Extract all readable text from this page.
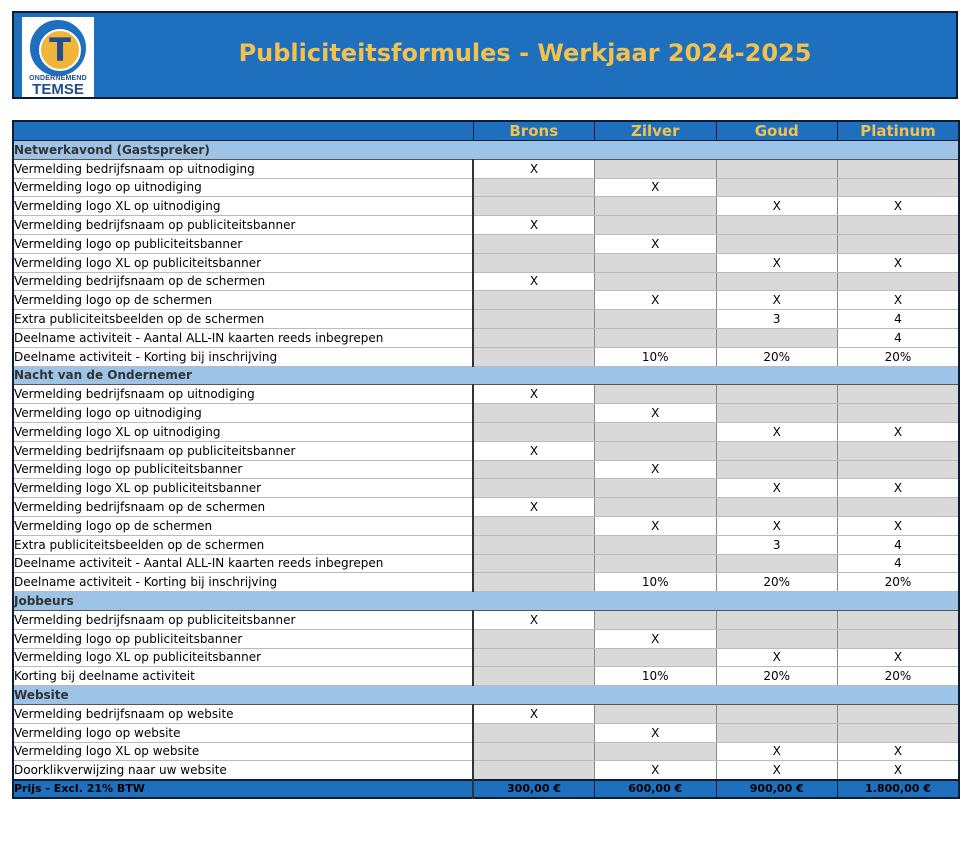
T
ONDERNEMEND
TEMSE
Publiciteitsformules - Werkjaar 2024-2025
	Brons	Zilver	Goud	Platinum
Netwerkavond (Gastspreker)				
Vermelding bedrijfsnaam op uitnodiging	X			
Vermelding logo op uitnodiging		X		
Vermelding logo XL op uitnodiging			X	X
Vermelding bedrijfsnaam op publiciteitsbanner	X			
Vermelding logo op publiciteitsbanner		X		
Vermelding logo XL op publiciteitsbanner			X	X
Vermelding bedrijfsnaam op de schermen	X			
Vermelding logo op de schermen		X	X	X
Extra publiciteitsbeelden op de schermen			3	4
Deelname activiteit - Aantal ALL-IN kaarten reeds inbegrepen				4
Deelname activiteit - Korting bij inschrijving		10%	20%	20%
Nacht van de Ondernemer				
Vermelding bedrijfsnaam op uitnodiging	X			
Vermelding logo op uitnodiging		X		
Vermelding logo XL op uitnodiging			X	X
Vermelding bedrijfsnaam op publiciteitsbanner	X			
Vermelding logo op publiciteitsbanner		X		
Vermelding logo XL op publiciteitsbanner			X	X
Vermelding bedrijfsnaam op de schermen	X			
Vermelding logo op de schermen		X	X	X
Extra publiciteitsbeelden op de schermen			3	4
Deelname activiteit - Aantal ALL-IN kaarten reeds inbegrepen				4
Deelname activiteit - Korting bij inschrijving		10%	20%	20%
Jobbeurs				
Vermelding bedrijfsnaam op publiciteitsbanner	X			
Vermelding logo op publiciteitsbanner		X		
Vermelding logo XL op publiciteitsbanner			X	X
Korting bij deelname activiteit		10%	20%	20%
Website				
Vermelding bedrijfsnaam op website	X			
Vermelding logo op website		X		
Vermelding logo XL op website			X	X
Doorklikverwijzing naar uw website		X	X	X
Prijs - Excl. 21% BTW	300,00 €	600,00 €	900,00 €	1.800,00 €
